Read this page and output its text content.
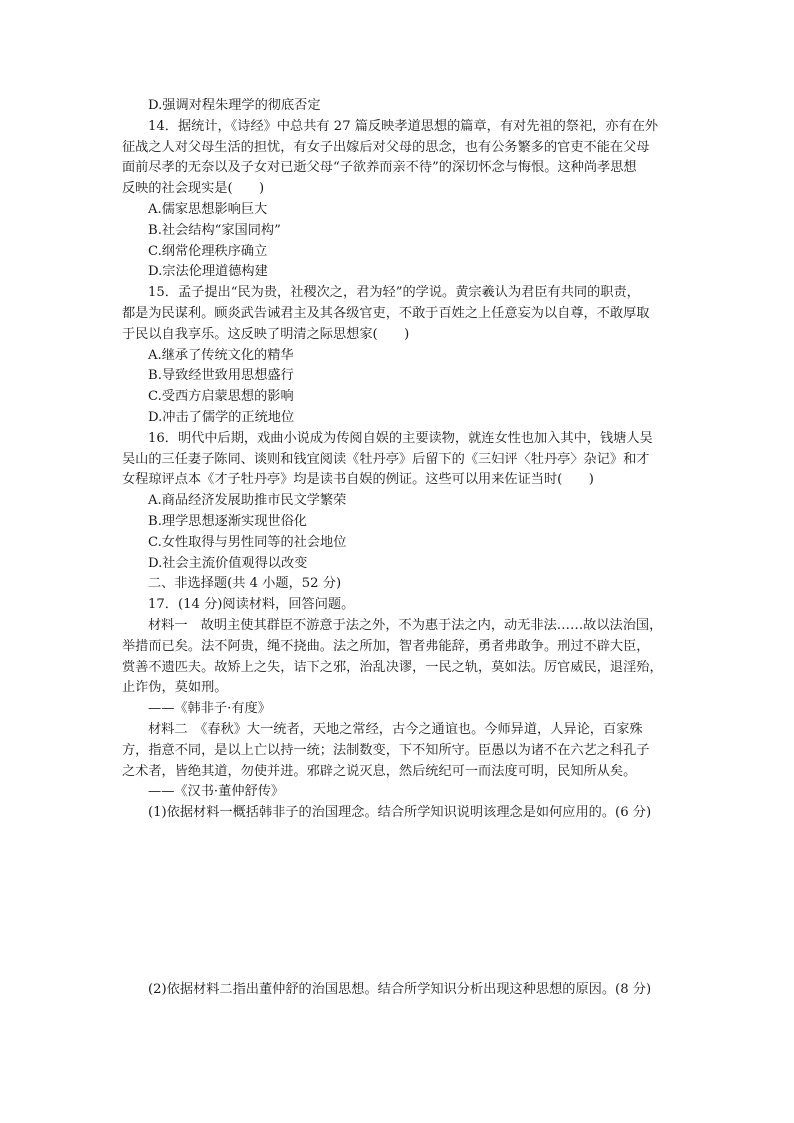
D.强调对程朱理学的彻底否定
14．据统计，《诗经》中总共有 27 篇反映孝道思想的篇章，有对先祖的祭祀，亦有在外
征战之人对父母生活的担忧，有女子出嫁后对父母的思念，也有公务繁多的官吏不能在父母
面前尽孝的无奈以及子女对已逝父母“子欲养而亲不待”的深切怀念与悔恨。这种尚孝思想
反映的社会现实是(　　)
A.儒家思想影响巨大
B.社会结构“家国同构”
C.纲常伦理秩序确立
D.宗法伦理道德构建
15．孟子提出“民为贵，社稷次之，君为轻”的学说。黄宗羲认为君臣有共同的职责，
都是为民谋利。顾炎武告诫君主及其各级官吏，不敢于百姓之上任意妄为以自尊，不敢厚取
于民以自我享乐。这反映了明清之际思想家(　　)
A.继承了传统文化的精华
B.导致经世致用思想盛行
C.受西方启蒙思想的影响
D.冲击了儒学的正统地位
16．明代中后期，戏曲小说成为传阅自娱的主要读物，就连女性也加入其中，钱塘人吴
吴山的三任妻子陈同、谈则和钱宜阅读《牡丹亭》后留下的《三妇评〈牡丹亭〉杂记》和才
女程琼评点本《才子牡丹亭》均是读书自娱的例证。这些可以用来佐证当时(　　)
A.商品经济发展助推市民文学繁荣
B.理学思想逐渐实现世俗化
C.女性取得与男性同等的社会地位
D.社会主流价值观得以改变
二、非选择题(共 4 小题，52 分)
17．(14 分)阅读材料，回答问题。
材料一　故明主使其群臣不游意于法之外，不为惠于法之内，动无非法……故以法治国，
举措而已矣。法不阿贵，绳不挠曲。法之所加，智者弗能辞，勇者弗敢争。刑过不辟大臣，
赏善不遗匹夫。故矫上之失，诘下之邪，治乱决谬，一民之轨，莫如法。厉官威民，退淫殆，
止诈伪，莫如刑。
——《韩非子·有度》
材料二　《春秋》大一统者，天地之常经，古今之通谊也。今师异道，人异论，百家殊
方，指意不同，是以上亡以持一统；法制数变，下不知所守。臣愚以为诸不在六艺之科孔子
之术者，皆绝其道，勿使并进。邪辟之说灭息，然后统纪可一而法度可明，民知所从矣。
——《汉书·董仲舒传》
(1)依据材料一概括韩非子的治国理念。结合所学知识说明该理念是如何应用的。(6 分)
(2)依据材料二指出董仲舒的治国思想。结合所学知识分析出现这种思想的原因。(8 分)
